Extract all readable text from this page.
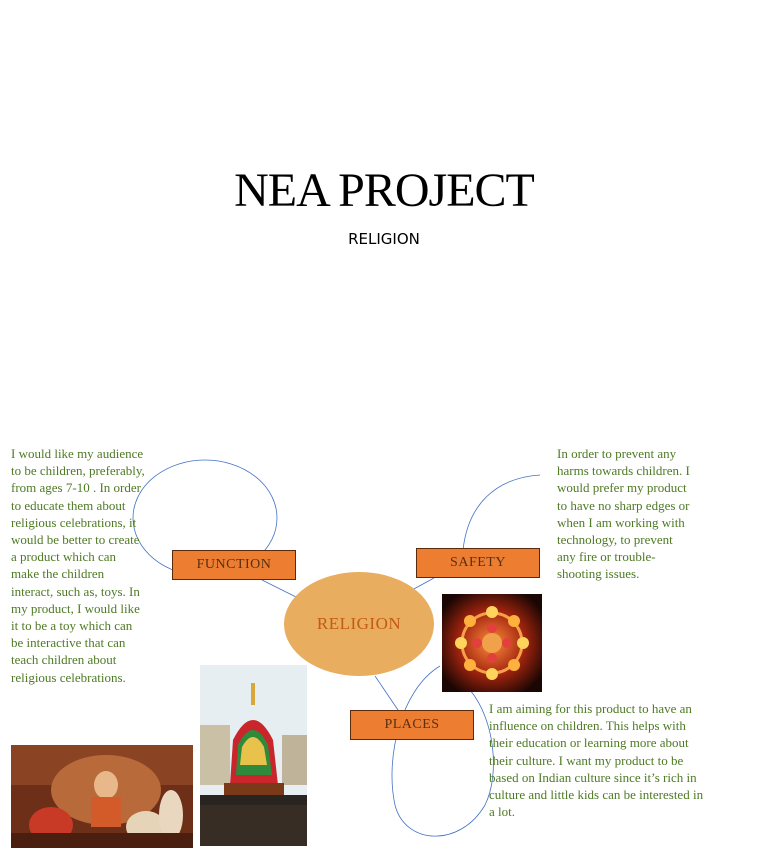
NEA PROJECT
RELIGION
I would like my audience
to be children, preferably,
from ages 7-10 . In order
to educate them about
religious celebrations, it
would be better to create
a product which can
make the children
interact, such as, toys. In
my product, I would like
it to be a toy which can
be interactive that can
teach children about
religious celebrations.
In order to prevent any
harms towards children. I
would prefer my product
to have no sharp edges or
when I am working with
technology, to prevent
any fire or trouble-
shooting issues.
I am aiming for this product to have an
influence on children. This helps with
their education or learning more about
their culture. I want my product to be
based on Indian culture since it’s rich in
culture and little kids can be interested in
a lot.
FUNCTION	SAFETY
PLACES
RELIGION
